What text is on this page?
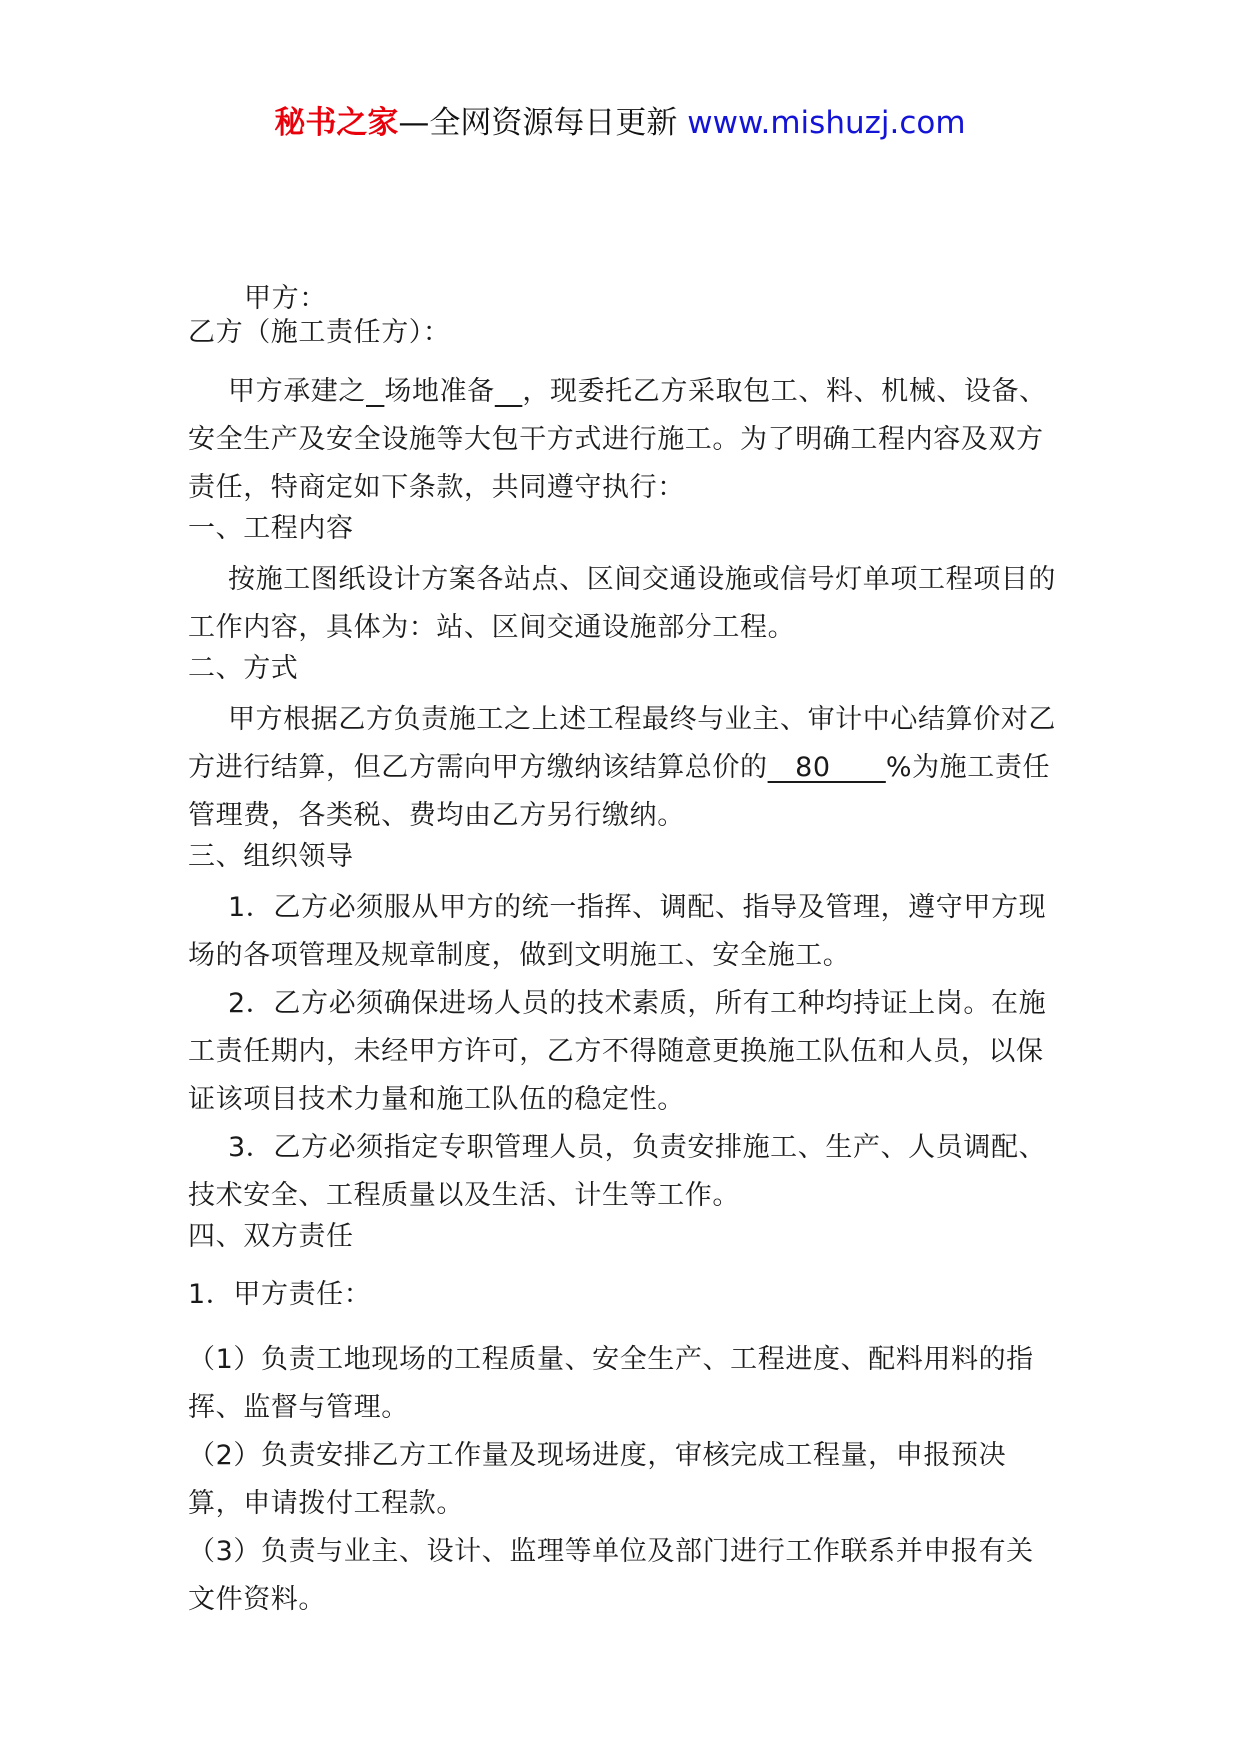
秘书之家—全网资源每日更新 www.mishuzj.com

甲方：

乙方（施工责任方）：

甲方承建之 场地准备 ，现委托乙方采取包工、料、机械、设备、安全生产及安全设施等大包干方式进行施工。为了明确工程内容及双方责任，特商定如下条款，共同遵守执行：

一、工程内容

按施工图纸设计方案各站点、区间交通设施或信号灯单项工程项目的工作内容，具体为：站、区间交通设施部分工程。

二、方式

甲方根据乙方负责施工之上述工程最终与业主、审计中心结算价对乙方进行结算，但乙方需向甲方缴纳该结算总价的   80      %为施工责任管理费，各类税、费均由乙方另行缴纳。

三、组织领导

1．乙方必须服从甲方的统一指挥、调配、指导及管理，遵守甲方现场的各项管理及规章制度，做到文明施工、安全施工。

2．乙方必须确保进场人员的技术素质，所有工种均持证上岗。在施工责任期内，未经甲方许可，乙方不得随意更换施工队伍和人员，以保证该项目技术力量和施工队伍的稳定性。

3．乙方必须指定专职管理人员，负责安排施工、生产、人员调配、技术安全、工程质量以及生活、计生等工作。

四、双方责任

1．甲方责任：

（1）负责工地现场的工程质量、安全生产、工程进度、配料用料的指挥、监督与管理。

（2）负责安排乙方工作量及现场进度，审核完成工程量，申报预决算，申请拨付工程款。

（3）负责与业主、设计、监理等单位及部门进行工作联系并申报有关文件资料。
